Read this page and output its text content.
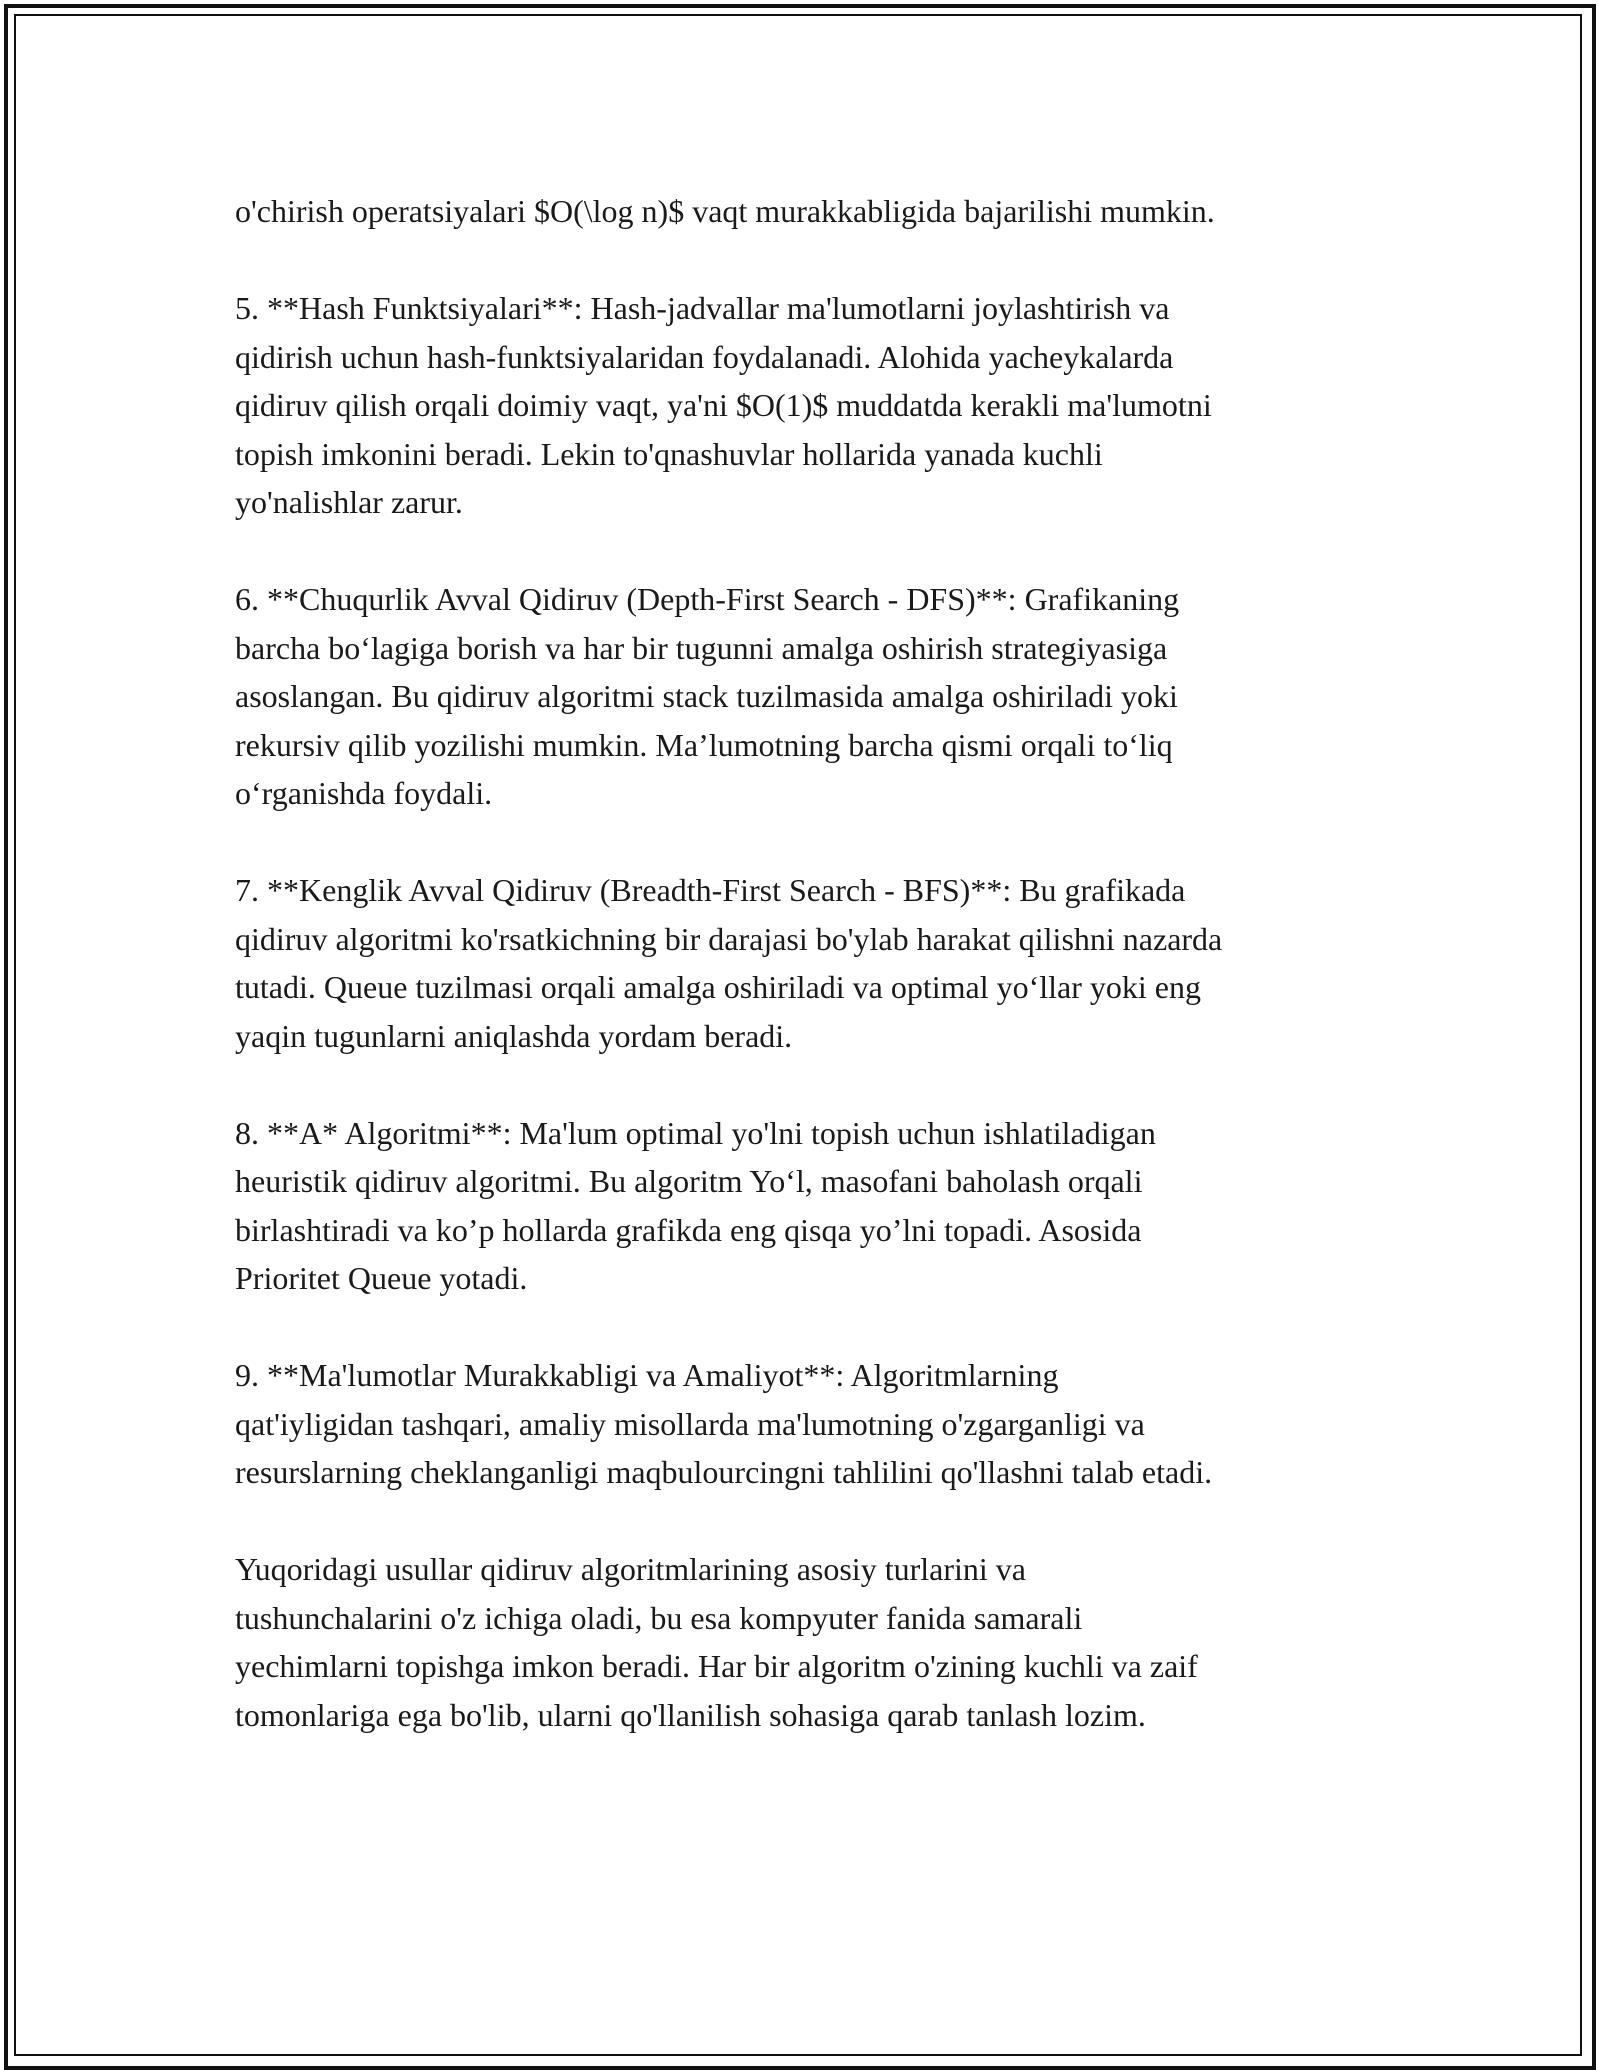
o'chirish operatsiyalari $O(\log n)$ vaqt murakkabligida bajarilishi mumkin.

5. **Hash Funktsiyalari**: Hash-jadvallar ma'lumotlarni joylashtirish va
qidirish uchun hash-funktsiyalaridan foydalanadi. Alohida yacheykalarda
qidiruv qilish orqali doimiy vaqt, ya'ni $O(1)$ muddatda kerakli ma'lumotni
topish imkonini beradi. Lekin to'qnashuvlar hollarida yanada kuchli
yo'nalishlar zarur.

6. **Chuqurlik Avval Qidiruv (Depth-First Search - DFS)**: Grafikaning
barcha boʻlagiga borish va har bir tugunni amalga oshirish strategiyasiga
asoslangan. Bu qidiruv algoritmi stack tuzilmasida amalga oshiriladi yoki
rekursiv qilib yozilishi mumkin. Maʼlumotning barcha qismi orqali toʻliq
oʻrganishda foydali.

7. **Kenglik Avval Qidiruv (Breadth-First Search - BFS)**: Bu grafikada
qidiruv algoritmi ko'rsatkichning bir darajasi bo'ylab harakat qilishni nazarda
tutadi. Queue tuzilmasi orqali amalga oshiriladi va optimal yoʻllar yoki eng
yaqin tugunlarni aniqlashda yordam beradi.

8. **A* Algoritmi**: Ma'lum optimal yo'lni topish uchun ishlatiladigan
heuristik qidiruv algoritmi. Bu algoritm Yoʻl, masofani baholash orqali
birlashtiradi va ko’p hollarda grafikda eng qisqa yo’lni topadi. Asosida
Prioritet Queue yotadi.

9. **Ma'lumotlar Murakkabligi va Amaliyot**: Algoritmlarning
qat'iyligidan tashqari, amaliy misollarda ma'lumotning o'zgarganligi va
resurslarning cheklanganligi maqbulourcingni tahlilini qo'llashni talab etadi.

Yuqoridagi usullar qidiruv algoritmlarining asosiy turlarini va
tushunchalarini o'z ichiga oladi, bu esa kompyuter fanida samarali
yechimlarni topishga imkon beradi. Har bir algoritm o'zining kuchli va zaif
tomonlariga ega bo'lib, ularni qo'llanilish sohasiga qarab tanlash lozim.
